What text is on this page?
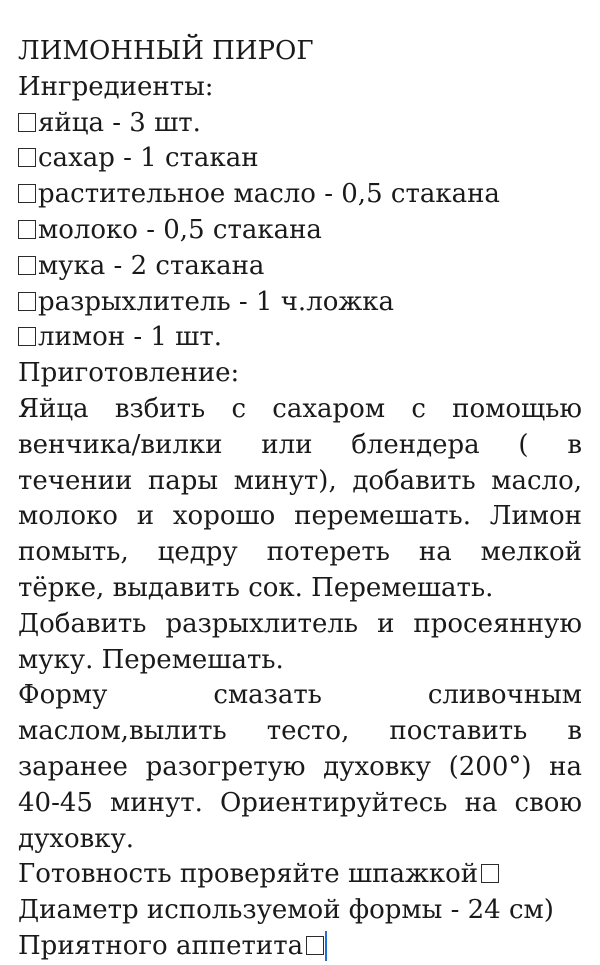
ЛИМОННЫЙ ПИРОГ
Ингредиенты:
яйца - 3 шт.
сахар - 1 стакан
растительное масло - 0,5 стакана
молоко - 0,5 стакана
мука - 2 стакана
разрыхлитель - 1 ч.ложка
лимон - 1 шт.
Приготовление:
Яйца взбить с сахаром с помощью венчика/вилки или блендера ( в течении пары минут), добавить масло, молоко и хорошо перемешать. Лимон помыть, цедру потереть на мелкой тёрке, выдавить сок. Перемешать.
Добавить разрыхлитель и просеянную муку. Перемешать.
Форму смазать сливочным маслом,вылить тесто, поставить в заранее разогретую духовку (200°) на 40-45 минут. Ориентируйтесь на свою духовку.
Готовность проверяйте шпажкой
Диаметр используемой формы - 24 см)
Приятного аппетита
